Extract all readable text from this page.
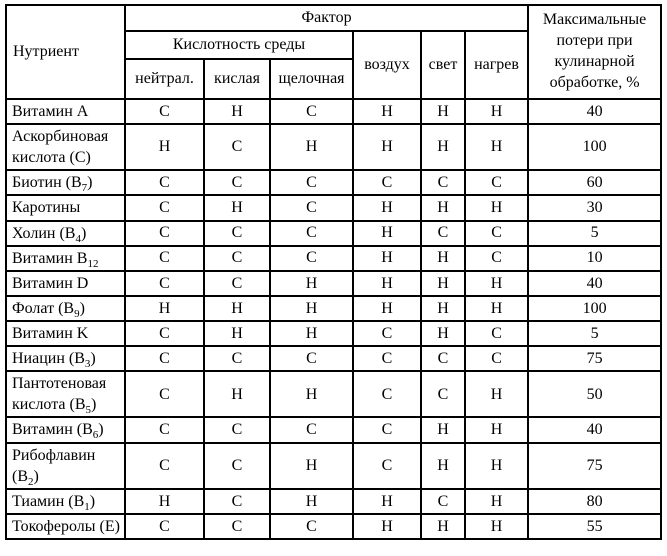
Нутриент	Фактор						Максимальные потери при кулинарной обработке, %
	Кислотность среды			воздух	свет	нагрев	
	нейтрал.	кислая	щелочная				
Витамин A	С	Н	С	Н	Н	Н	40
Аскорбиновая кислота (C)	Н	С	Н	Н	Н	Н	100
Биотин $(B_7)$	С	С	С	С	С	С	60
Каротины	С	Н	С	Н	Н	Н	30
Холин $(B_4)$	С	С	С	Н	С	С	5
Витамин $B_{12}$	С	С	С	Н	Н	С	10
Витамин D	С	С	Н	Н	Н	Н	40
Фолат $(B_9)$	Н	Н	Н	Н	Н	Н	100
Витамин K	С	Н	Н	С	Н	С	5
Ниацин $(B_3)$	С	С	С	С	С	С	75
Пантотеновая кислота $(B_5)$	С	Н	Н	С	С	Н	50
Витамин $(B_6)$	С	С	С	С	Н	Н	40
Рибофлавин $(B_2)$	С	С	Н	С	Н	Н	75
Тиамин $(B_1)$	Н	С	Н	Н	С	Н	80
Токоферолы (E)	С	С	С	Н	Н	Н	55
